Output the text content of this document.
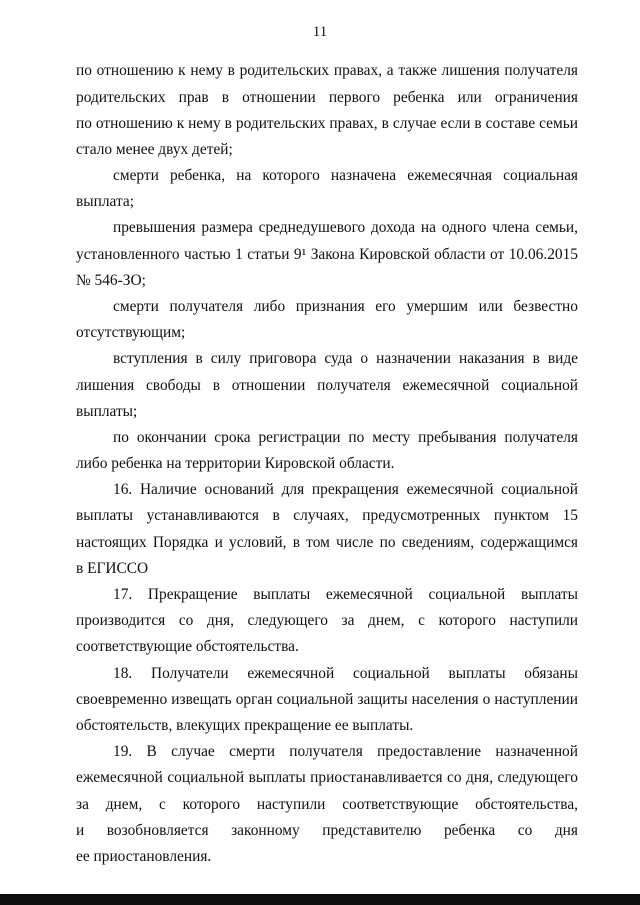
11
по отношению к нему в родительских правах, а также лишения получателя
родительских прав в отношении первого ребенка или ограничения
по отношению к нему в родительских правах, в случае если в составе семьи
стало менее двух детей;
смерти ребенка, на которого назначена ежемесячная социальная
выплата;
превышения размера среднедушевого дохода на одного члена семьи,
установленного частью 1 статьи 9¹ Закона Кировской области от 10.06.2015
№ 546-ЗО;
смерти получателя либо признания его умершим или безвестно
отсутствующим;
вступления в силу приговора суда о назначении наказания в виде
лишения свободы в отношении получателя ежемесячной социальной
выплаты;
по окончании срока регистрации по месту пребывания получателя
либо ребенка на территории Кировской области.
16. Наличие оснований для прекращения ежемесячной социальной
выплаты устанавливаются в случаях, предусмотренных пунктом 15
настоящих Порядка и условий, в том числе по сведениям, содержащимся
в ЕГИССО
17. Прекращение выплаты ежемесячной социальной выплаты
производится со дня, следующего за днем, с которого наступили
соответствующие обстоятельства.
18. Получатели ежемесячной социальной выплаты обязаны
своевременно извещать орган социальной защиты населения о наступлении
обстоятельств, влекущих прекращение ее выплаты.
19. В случае смерти получателя предоставление назначенной
ежемесячной социальной выплаты приостанавливается со дня, следующего
за днем, с которого наступили соответствующие обстоятельства,
и возобновляется законному представителю ребенка со дня
ее приостановления.
